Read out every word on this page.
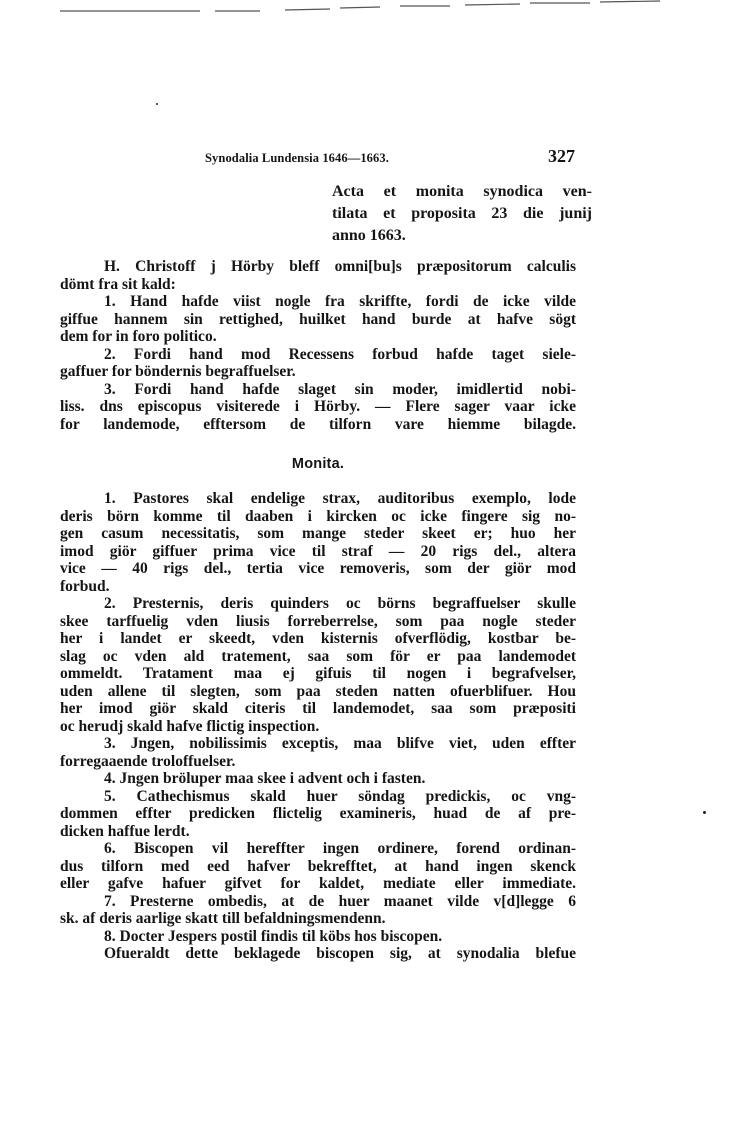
Synodalia Lundensia 1646—1663.	327
Acta et monita synodica ven-
tilata et proposita 23 die junij
anno 1663.
H. Christoff j Hörby bleff omni[bu]s præpositorum calculis
dömt fra sit kald:
1. Hand hafde viist nogle fra skriffte, fordi de icke vilde
giffue hannem sin rettighed, huilket hand burde at hafve sögt
dem for in foro politico.
2. Fordi hand mod Recessens forbud hafde taget siele-
gaffuer for böndernis begraffuelser.
3. Fordi hand hafde slaget sin moder, imidlertid nobi-
liss. dns episcopus visiterede i Hörby. — Flere sager vaar icke
for landemode, efftersom de tilforn vare hiemme bilagde.
Monita.
1. Pastores skal endelige strax, auditoribus exemplo, lode
deris börn komme til daaben i kircken oc icke fingere sig no-
gen casum necessitatis, som mange steder skeet er; huo her
imod giör giffuer prima vice til straf — 20 rigs del., altera
vice — 40 rigs del., tertia vice removeris, som der giör mod
forbud.
2. Presternis, deris quinders oc börns begraffuelser skulle
skee tarffuelig vden liusis forreberrelse, som paa nogle steder
her i landet er skeedt, vden kisternis ofverflödig, kostbar be-
slag oc vden ald tratement, saa som för er paa landemodet
ommeldt. Tratament maa ej gifuis til nogen i begrafvelser,
uden allene til slegten, som paa steden natten ofuerblifuer. Hou
her imod giör skald citeris til landemodet, saa som præpositi
oc herudj skald hafve flictig inspection.
3. Jngen, nobilissimis exceptis, maa blifve viet, uden effter
forregaaende troloffuelser.
4. Jngen bröluper maa skee i advent och i fasten.
5. Cathechismus skald huer söndag predickis, oc vng-
dommen effter predicken flictelig examineris, huad de af pre-
dicken haffue lerdt.
6. Biscopen vil hereffter ingen ordinere, forend ordinan-
dus tilforn med eed hafver bekrefftet, at hand ingen skenck
eller gafve hafuer gifvet for kaldet, mediate eller immediate.
7. Presterne ombedis, at de huer maanet vilde v[d]legge 6
sk. af deris aarlige skatt till befaldningsmendenn.
8. Docter Jespers postil findis til köbs hos biscopen.
Ofueraldt dette beklagede biscopen sig, at synodalia blefue
